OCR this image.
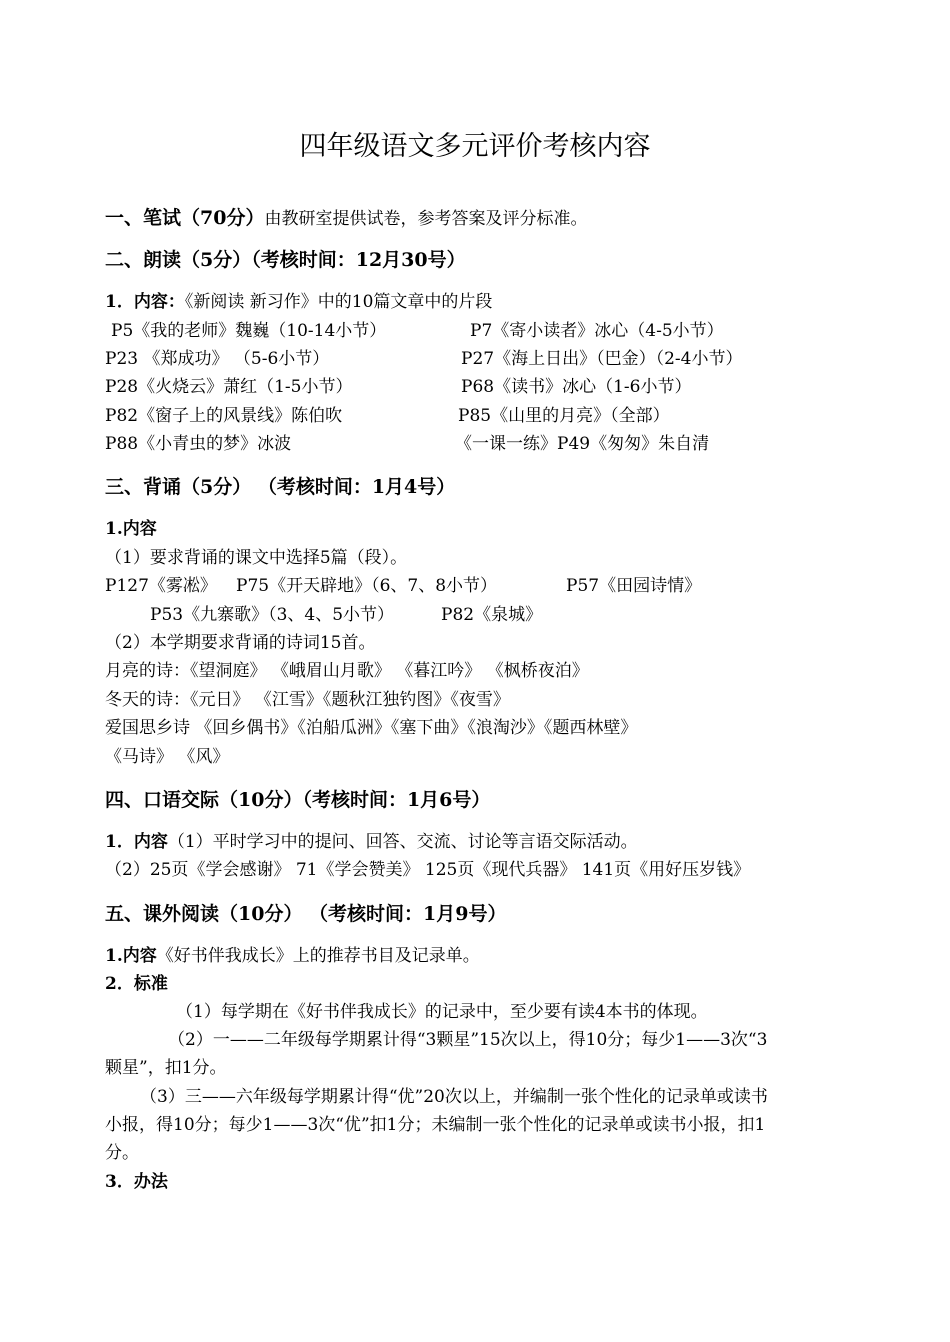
四年级语文多元评价考核内容
一、笔试（70分）由教研室提供试卷，参考答案及评分标准。
二、朗读（5分）（考核时间：12月30号）
1．内容：《新阅读 新习作》中的10篇文章中的片段
P5《我的老师》魏巍（10-14小节）	P7《寄小读者》冰心（4-5小节）
P23 《郑成功》 （5-6小节）	P27《海上日出》（巴金）（2-4小节）
P28《火烧云》萧红（1-5小节）	P68《读书》冰心（1-6小节）
P82《窗子上的风景线》陈伯吹	P85《山里的月亮》（全部）
P88《小青虫的梦》冰波	《一课一练》P49《匆匆》朱自清
三、背诵（5分） （考核时间：1月4号）
1.内容
（1）要求背诵的课文中选择5篇（段）。
P127《雾凇》 P75《开天辟地》（6、7、8小节）	P57《田园诗情》
P53《九寨歌》（3、4、5小节）	P82《泉城》
（2）本学期要求背诵的诗词15首。
月亮的诗：《望洞庭》 《峨眉山月歌》 《暮江吟》 《枫桥夜泊》
冬天的诗：《元日》 《江雪》《题秋江独钓图》《夜雪》
爱国思乡诗 《回乡偶书》《泊船瓜洲》《塞下曲》《浪淘沙》《题西林壁》
《马诗》 《风》
四、口语交际（10分）（考核时间：1月6号）
1．内容（1）平时学习中的提问、回答、交流、讨论等言语交际活动。
（2）25页《学会感谢》 71《学会赞美》 125页《现代兵器》 141页《用好压岁钱》
五、课外阅读（10分） （考核时间：1月9号）
1.内容《好书伴我成长》上的推荐书目及记录单。
2．标准
（1）每学期在《好书伴我成长》的记录中，至少要有读4本书的体现。
（2）一——二年级每学期累计得“3颗星”15次以上，得10分；每少1——3次“3
颗星”，扣1分。
（3）三——六年级每学期累计得“优”20次以上，并编制一张个性化的记录单或读书
小报，得10分；每少1——3次“优”扣1分；未编制一张个性化的记录单或读书小报，扣1
分。
3．办法
